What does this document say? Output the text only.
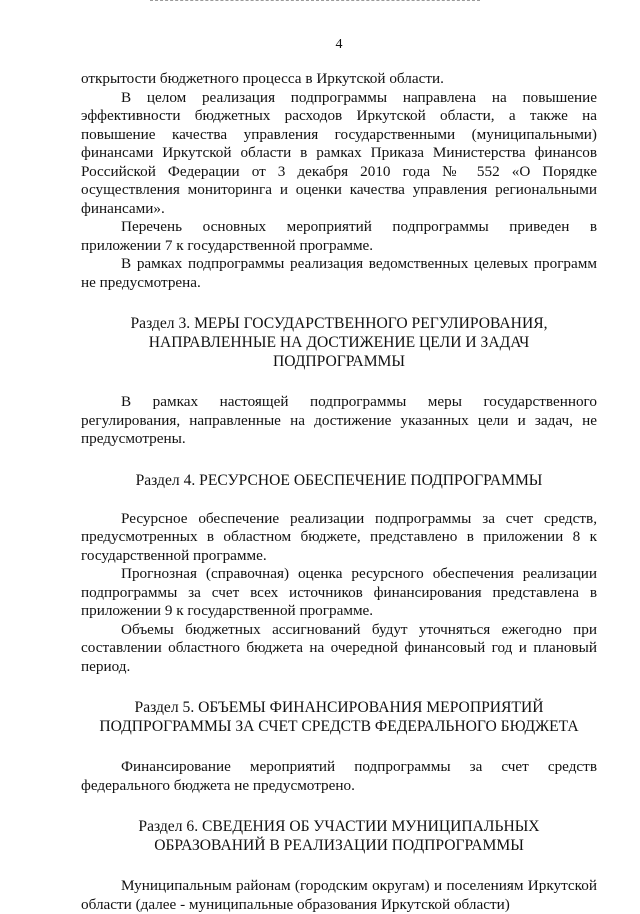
4

открытости бюджетного процесса в Иркутской области.

В целом реализация подпрограммы направлена на повышение эффективности бюджетных расходов Иркутской области, а также на повышение качества управления государственными (муниципальными) финансами Иркутской области в рамках Приказа Министерства финансов Российской Федерации от 3 декабря 2010 года № 552 «О Порядке осуществления мониторинга и оценки качества управления региональными финансами».

Перечень основных мероприятий подпрограммы приведен в приложении 7 к государственной программе.

В рамках подпрограммы реализация ведомственных целевых программ не предусмотрена.

Раздел 3. МЕРЫ ГОСУДАРСТВЕННОГО РЕГУЛИРОВАНИЯ,
НАПРАВЛЕННЫЕ НА ДОСТИЖЕНИЕ ЦЕЛИ И ЗАДАЧ
ПОДПРОГРАММЫ

В рамках настоящей подпрограммы меры государственного регулирования, направленные на достижение указанных цели и задач, не предусмотрены.

Раздел 4. РЕСУРСНОЕ ОБЕСПЕЧЕНИЕ ПОДПРОГРАММЫ

Ресурсное обеспечение реализации подпрограммы за счет средств, предусмотренных в областном бюджете, представлено в приложении 8 к государственной программе.

Прогнозная (справочная) оценка ресурсного обеспечения реализации подпрограммы за счет всех источников финансирования представлена в приложении 9 к государственной программе.

Объемы бюджетных ассигнований будут уточняться ежегодно при составлении областного бюджета на очередной финансовый год и плановый период.

Раздел 5. ОБЪЕМЫ ФИНАНСИРОВАНИЯ МЕРОПРИЯТИЙ
ПОДПРОГРАММЫ ЗА СЧЕТ СРЕДСТВ ФЕДЕРАЛЬНОГО БЮДЖЕТА

Финансирование мероприятий подпрограммы за счет средств федерального бюджета не предусмотрено.

Раздел 6. СВЕДЕНИЯ ОБ УЧАСТИИ МУНИЦИПАЛЬНЫХ
ОБРАЗОВАНИЙ В РЕАЛИЗАЦИИ ПОДПРОГРАММЫ

Муниципальным районам (городским округам) и поселениям Иркутской области (далее - муниципальные образования Иркутской области)
